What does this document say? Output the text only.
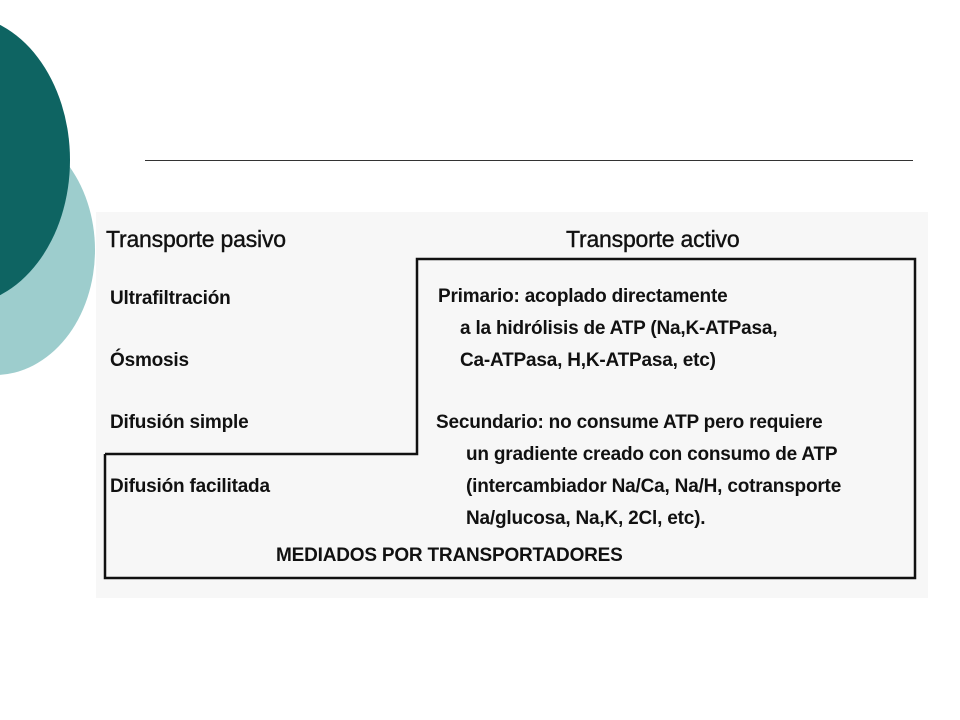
Transporte pasivo	Transporte activo
Ultrafiltración
Ósmosis
Difusión simple
Difusión facilitada
Primario: acoplado directamente
a la hidrólisis de ATP (Na,K-ATPasa,
Ca-ATPasa, H,K-ATPasa, etc)
Secundario: no consume ATP pero requiere
un gradiente creado con consumo de ATP
(intercambiador Na/Ca, Na/H, cotransporte
Na/glucosa, Na,K, 2Cl, etc).
MEDIADOS POR TRANSPORTADORES
